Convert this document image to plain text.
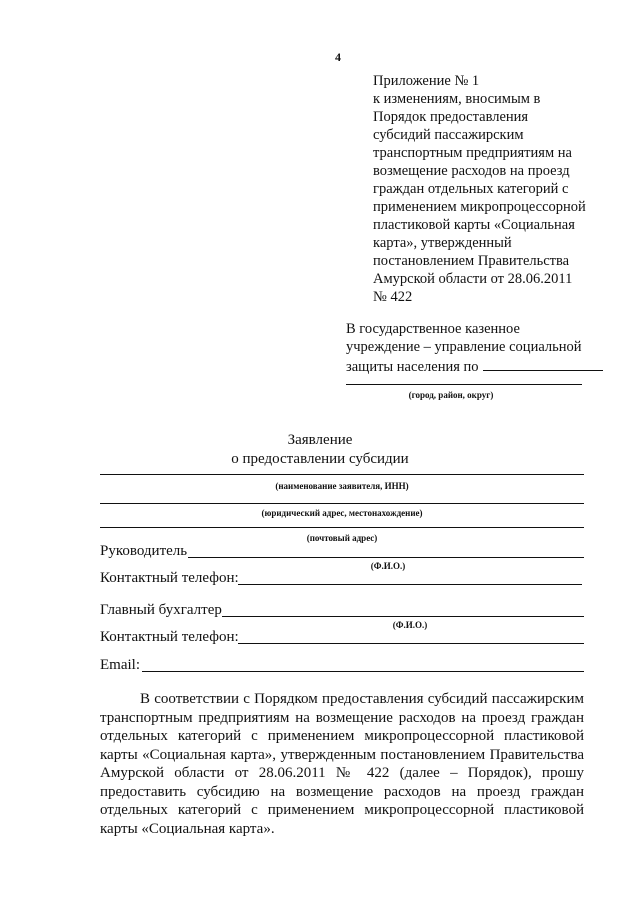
4
Приложение № 1
к изменениям, вносимым в
Порядок предоставления
субсидий пассажирским
транспортным предприятиям на
возмещение расходов на проезд
граждан отдельных категорий с
применением микропроцессорной
пластиковой карты «Социальная
карта», утвержденный
постановлением Правительства
Амурской области от 28.06.2011
№ 422
В государственное казенное
учреждение – управление социальной
защиты населения по
(город, район, округ)
Заявление
о предоставлении субсидии
(наименование заявителя, ИНН)
(юридический адрес, местонахождение)
(почтовый адрес)
Руководитель
(Ф.И.О.)
Контактный телефон:
Главный бухгалтер
(Ф.И.О.)
Контактный телефон:
Email:
В соответствии с Порядком предоставления субсидий пассажирским транспортным предприятиям на возмещение расходов на проезд граждан отдельных категорий с применением микропроцессорной пластиковой карты «Социальная карта», утвержденным постановлением Правительства Амурской области от 28.06.2011 № 422 (далее – Порядок), прошу предоставить субсидию на возмещение расходов на проезд граждан отдельных категорий с применением микропроцессорной пластиковой карты «Социальная карта».
